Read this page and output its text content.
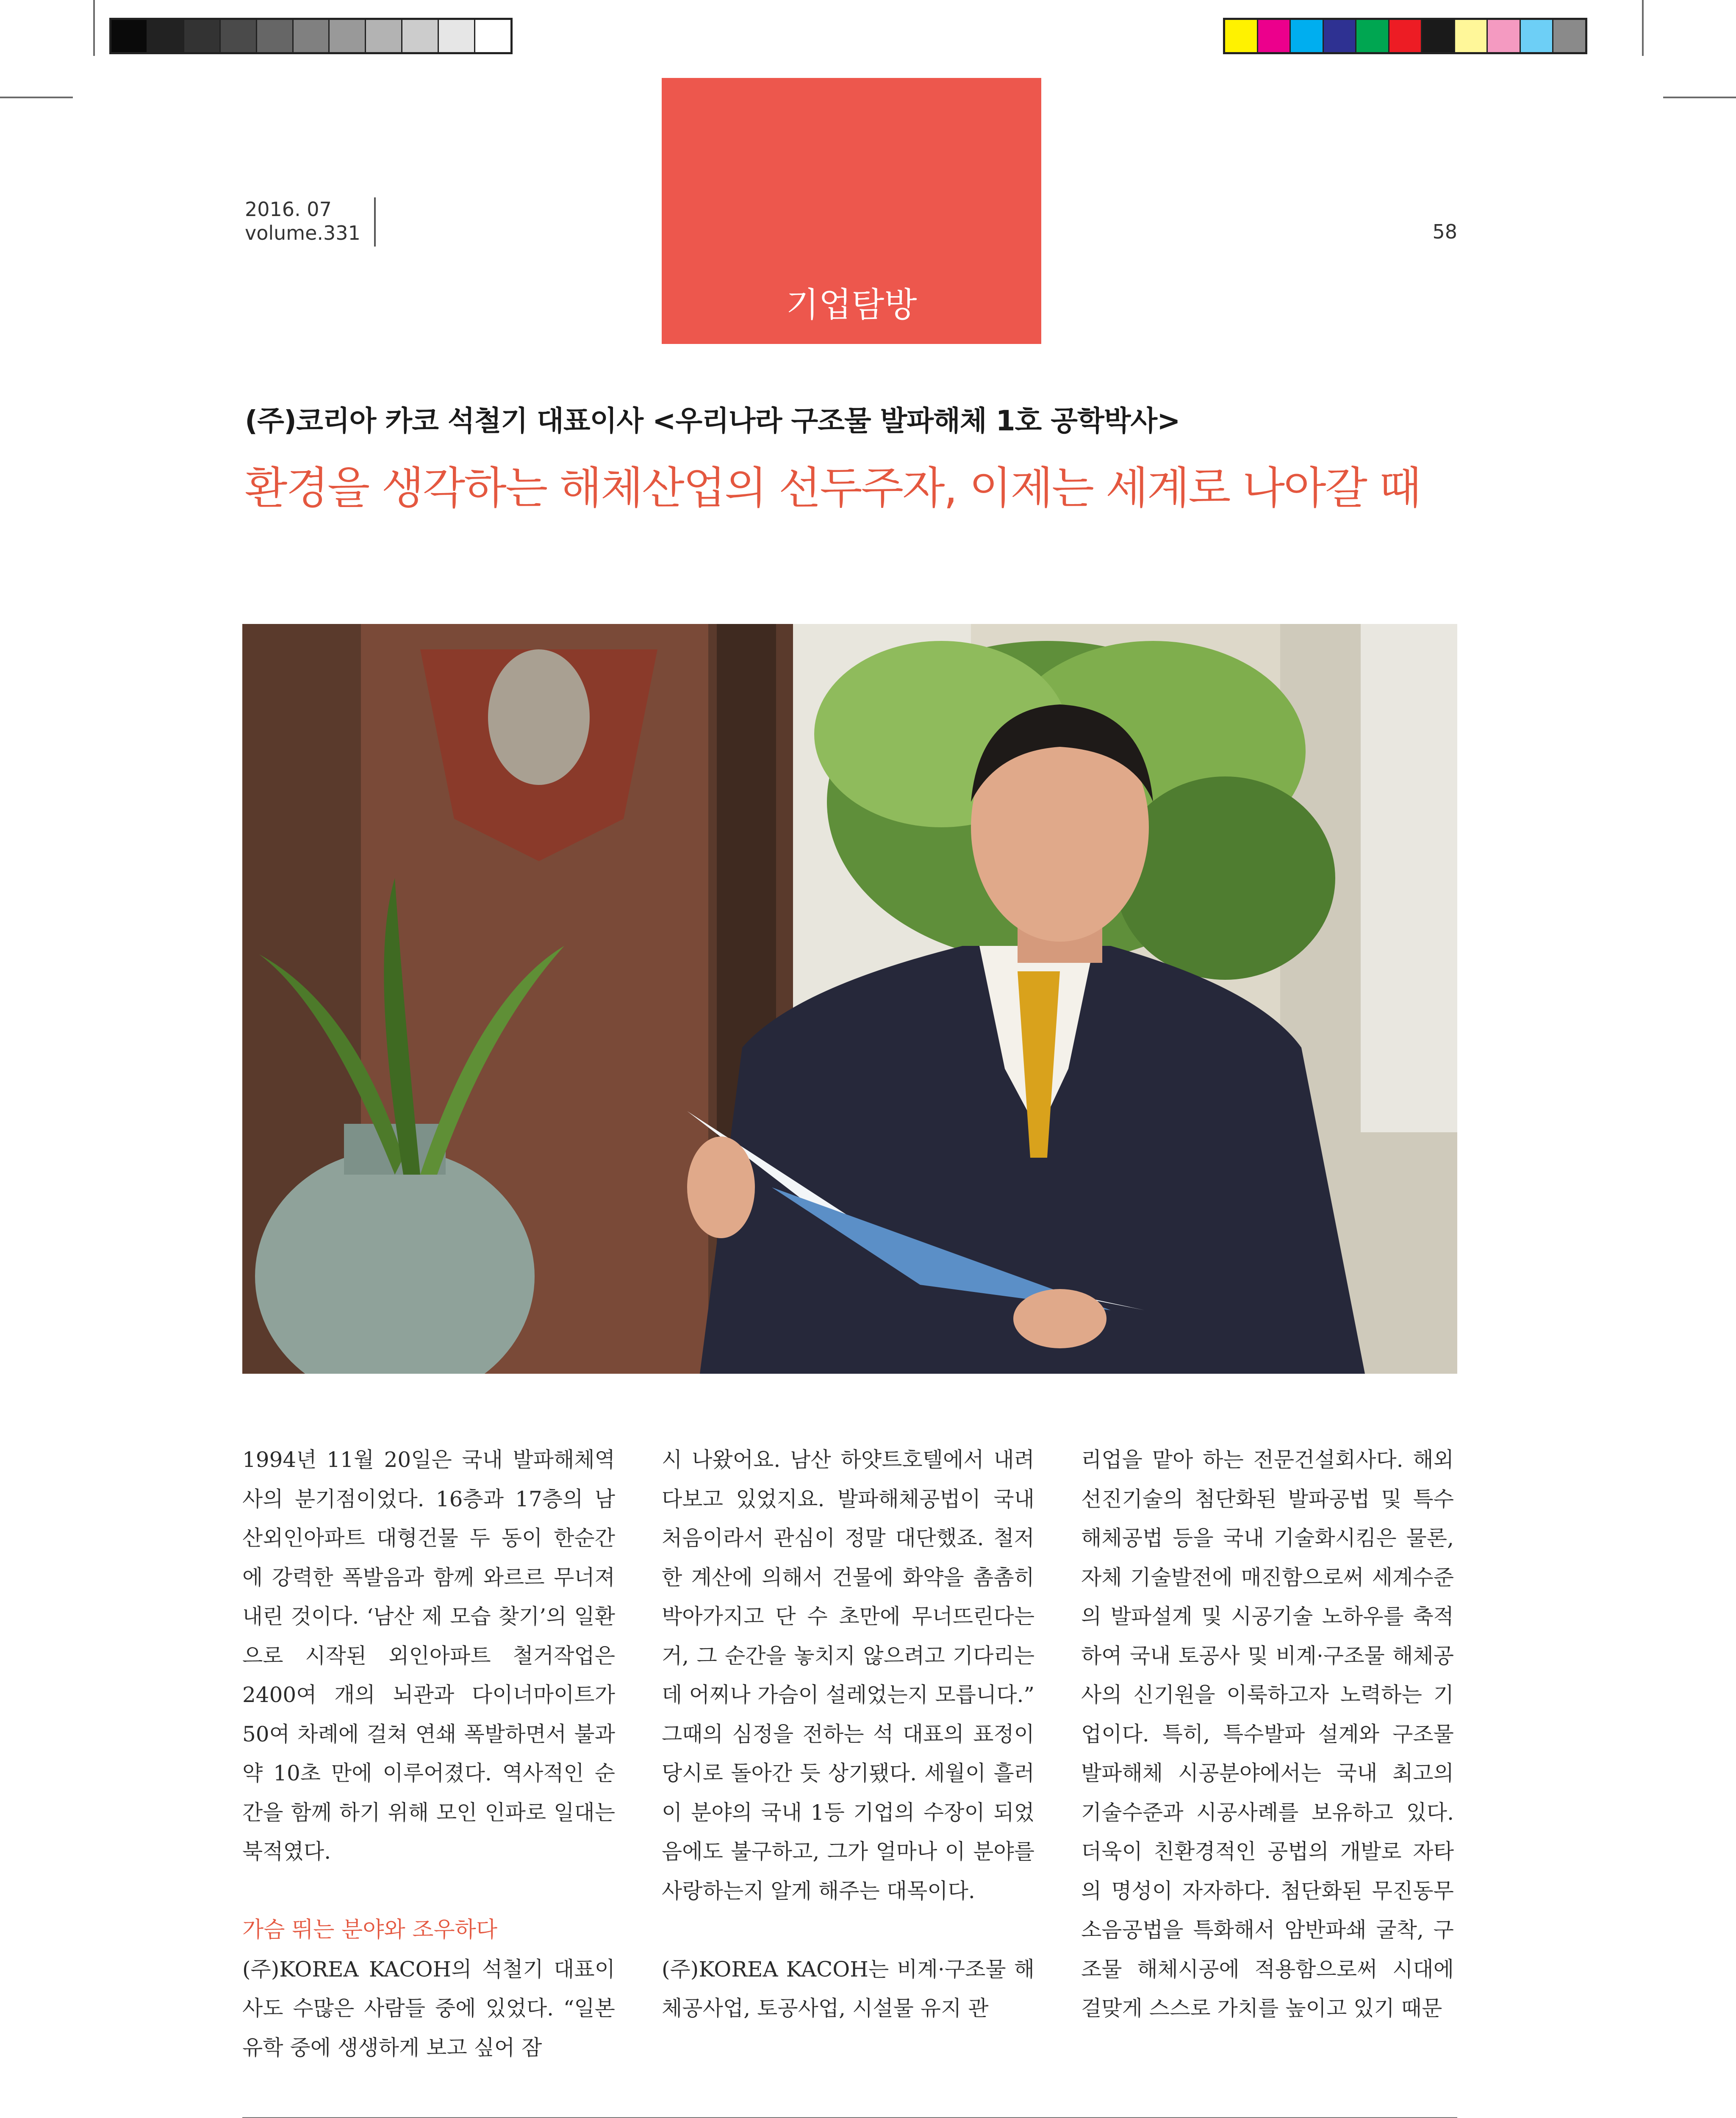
2016. 07
volume.331	58
기업탐방
(주)코리아 카코 석철기 대표이사 <우리나라 구조물 발파해체 1호 공학박사>
환경을 생각하는 해체산업의 선두주자, 이제는 세계로 나아갈 때

1994년 11월 20일은 국내 발파해체역사의 분기점이었다. 16층과 17층의 남산외인아파트 대형건물 두 동이 한순간에 강력한 폭발음과 함께 와르르 무너져 내린 것이다. ‘남산 제 모습 찾기’의 일환으로 시작된 외인아파트 철거작업은 2400여 개의 뇌관과 다이너마이트가 50여 차례에 걸쳐 연쇄 폭발하면서 불과 약 10초 만에 이루어졌다. 역사적인 순간을 함께 하기 위해 모인 인파로 일대는 북적였다.

가슴 뛰는 분야와 조우하다

(주)KOREA KACOH의 석철기 대표이사도 수많은 사람들 중에 있었다. “일본 유학 중에 생생하게 보고 싶어 잠

시 나왔어요. 남산 하얏트호텔에서 내려다보고 있었지요. 발파해체공법이 국내 처음이라서 관심이 정말 대단했죠. 철저한 계산에 의해서 건물에 화약을 촘촘히 박아가지고 단 수 초만에 무너뜨린다는 거, 그 순간을 놓치지 않으려고 기다리는데 어찌나 가슴이 설레었는지 모릅니다.” 그때의 심정을 전하는 석 대표의 표정이 당시로 돌아간 듯 상기됐다. 세월이 흘러 이 분야의 국내 1등 기업의 수장이 되었음에도 불구하고, 그가 얼마나 이 분야를 사랑하는지 알게 해주는 대목이다.

(주)KOREA KACOH는 비계·구조물 해체공사업, 토공사업, 시설물 유지 관

리업을 맡아 하는 전문건설회사다. 해외 선진기술의 첨단화된 발파공법 및 특수해체공법 등을 국내 기술화시킴은 물론, 자체 기술발전에 매진함으로써 세계수준의 발파설계 및 시공기술 노하우를 축적하여 국내 토공사 및 비계·구조물 해체공사의 신기원을 이룩하고자 노력하는 기업이다. 특히, 특수발파 설계와 구조물 발파해체 시공분야에서는 국내 최고의 기술수준과 시공사례를 보유하고 있다. 더욱이 친환경적인 공법의 개발로 자타의 명성이 자자하다. 첨단화된 무진동무소음공법을 특화해서 암반파쇄 굴착, 구조물 해체시공에 적용함으로써 시대에 걸맞게 스스로 가치를 높이고 있기 때문
